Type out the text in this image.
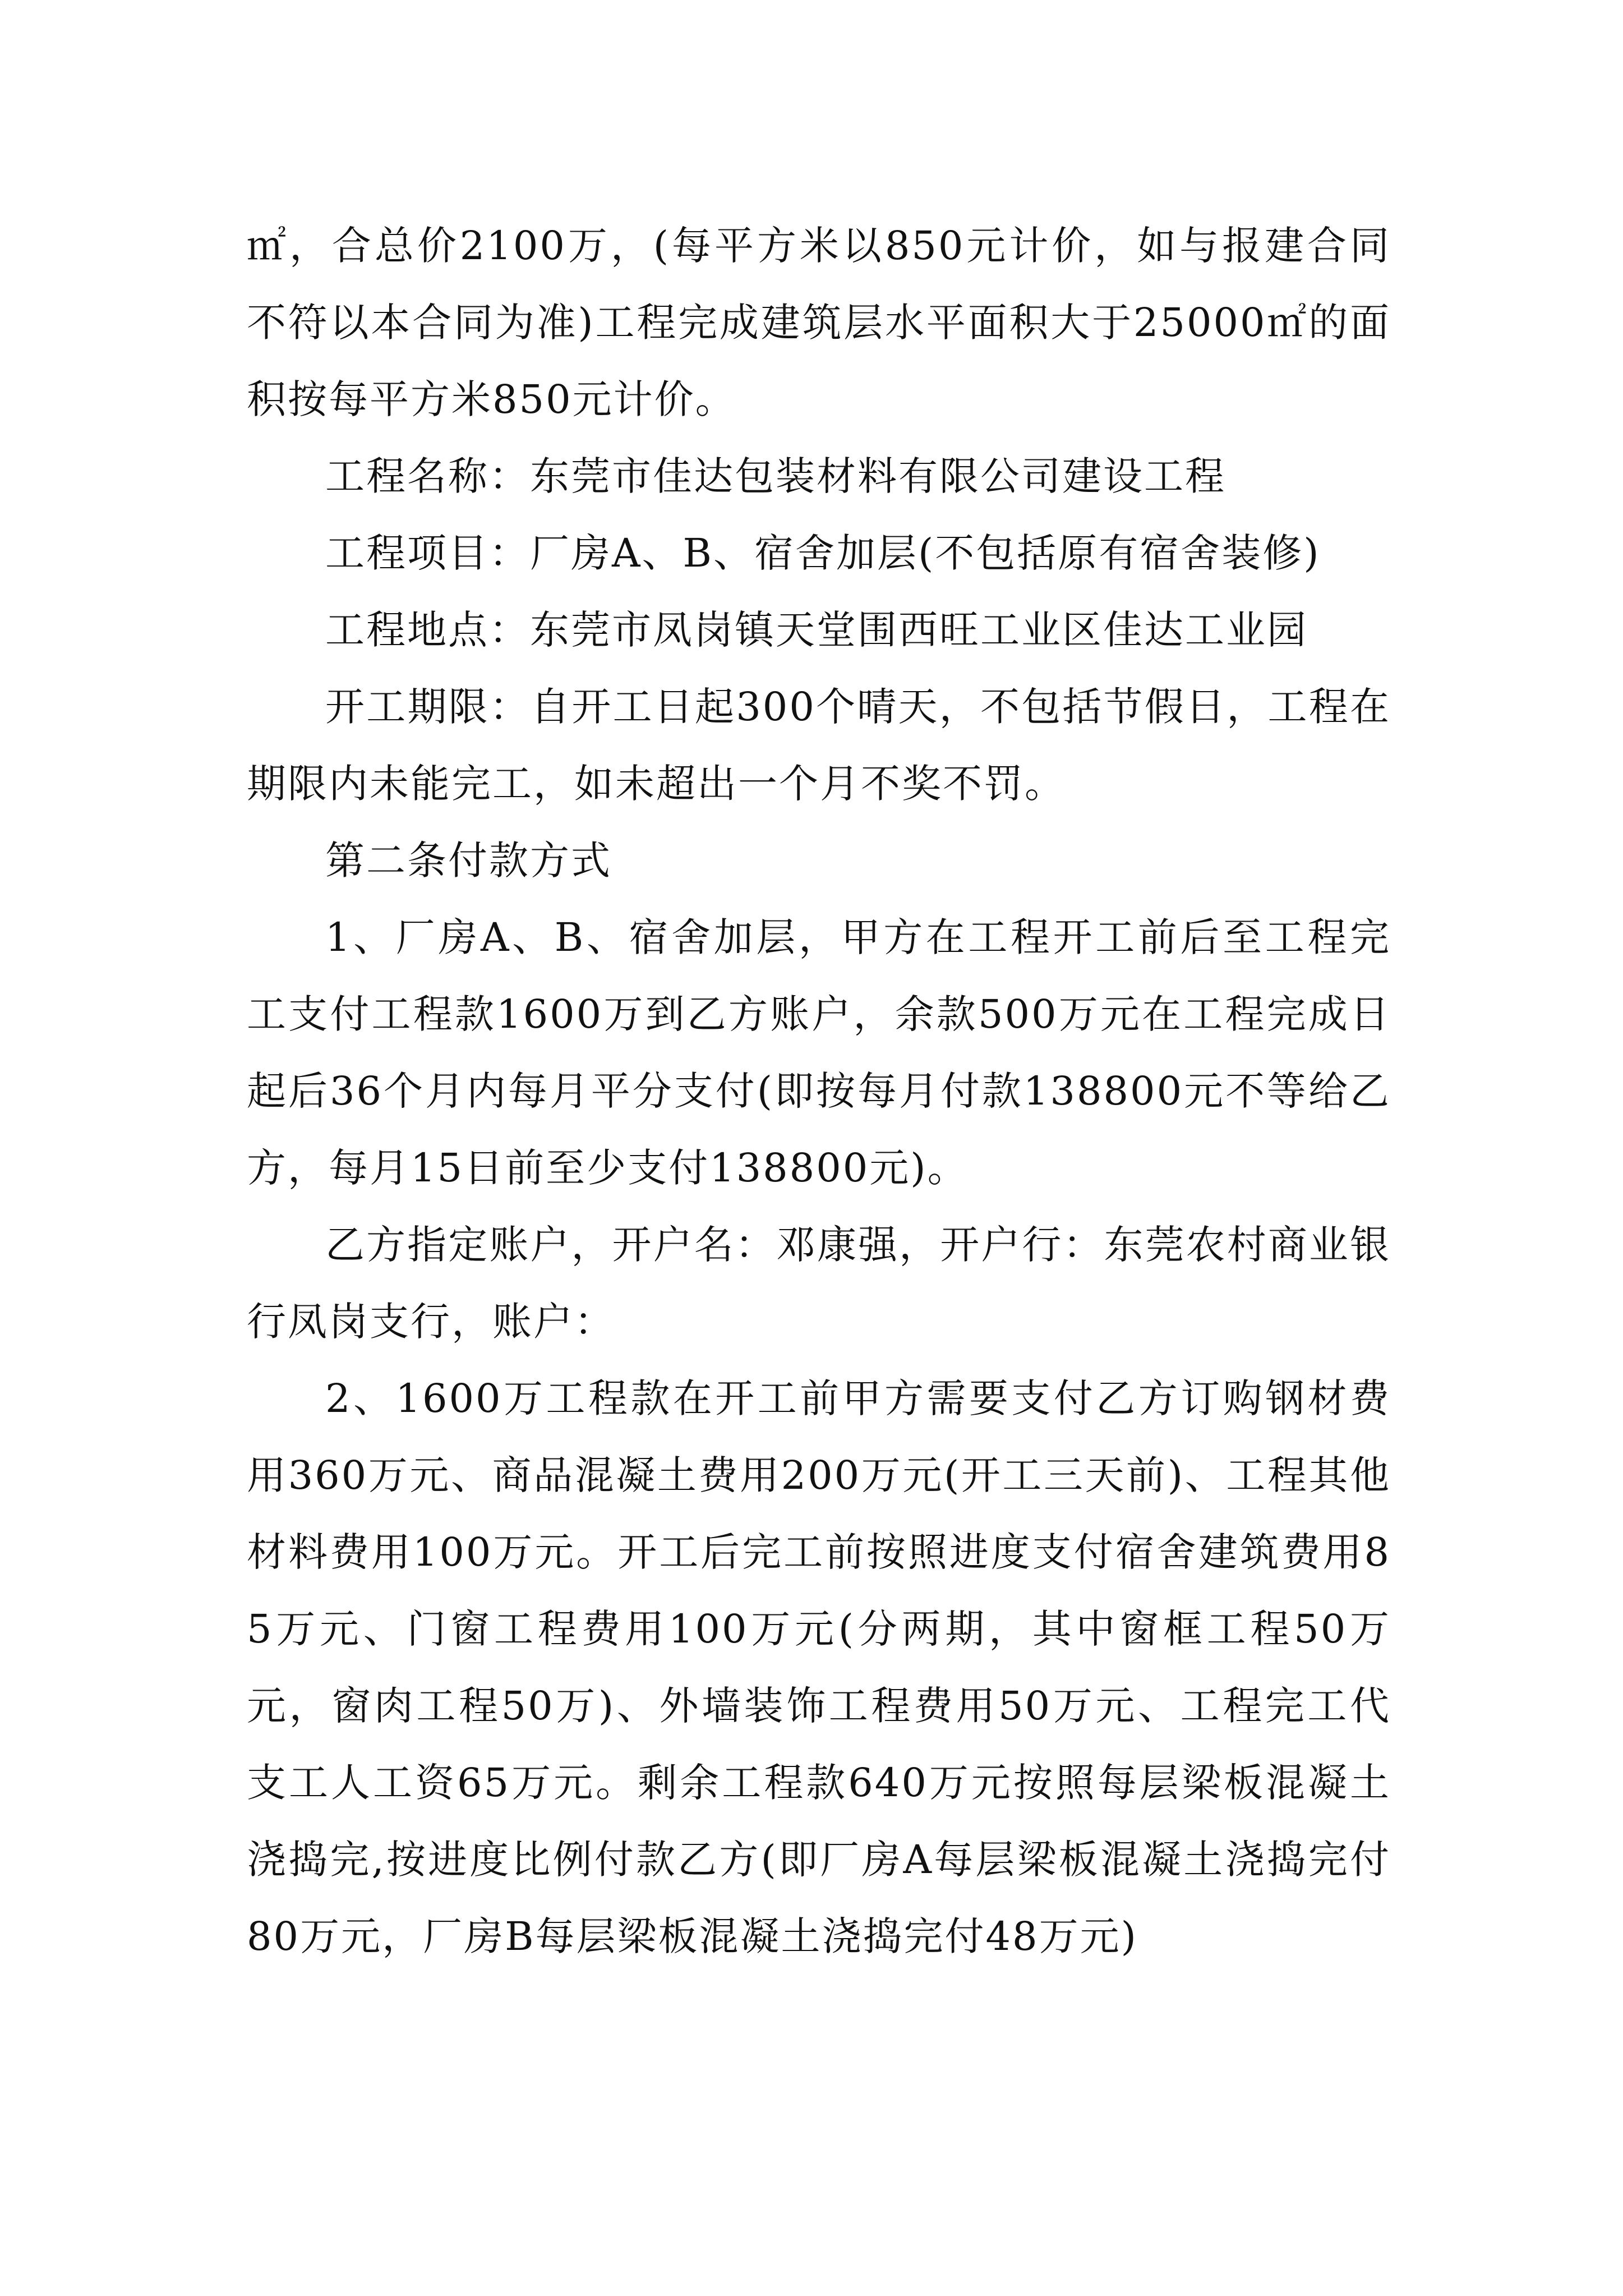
㎡，合总价2100万，(每平方米以850元计价，如与报建合同不符以本合同为准)工程完成建筑层水平面积大于25000㎡的面积按每平方米850元计价。

工程名称：东莞市佳达包装材料有限公司建设工程

工程项目：厂房A、B、宿舍加层(不包括原有宿舍装修)

工程地点：东莞市凤岗镇天堂围西旺工业区佳达工业园

开工期限：自开工日起300个晴天，不包括节假日，工程在期限内未能完工，如未超出一个月不奖不罚。

第二条付款方式

1、厂房A、B、宿舍加层，甲方在工程开工前后至工程完工支付工程款1600万到乙方账户，余款500万元在工程完成日起后36个月内每月平分支付(即按每月付款138800元不等给乙方，每月15日前至少支付138800元)。

乙方指定账户，开户名：邓康强，开户行：东莞农村商业银行凤岗支行，账户：

2、1600万工程款在开工前甲方需要支付乙方订购钢材费用360万元、商品混凝土费用200万元(开工三天前)、工程其他材料费用100万元。开工后完工前按照进度支付宿舍建筑费用85万元、门窗工程费用100万元(分两期，其中窗框工程50万元，窗肉工程50万)、外墙装饰工程费用50万元、工程完工代支工人工资65万元。剩余工程款640万元按照每层梁板混凝土浇捣完,按进度比例付款乙方(即厂房A每层梁板混凝土浇捣完付80万元，厂房B每层梁板混凝土浇捣完付48万元)
